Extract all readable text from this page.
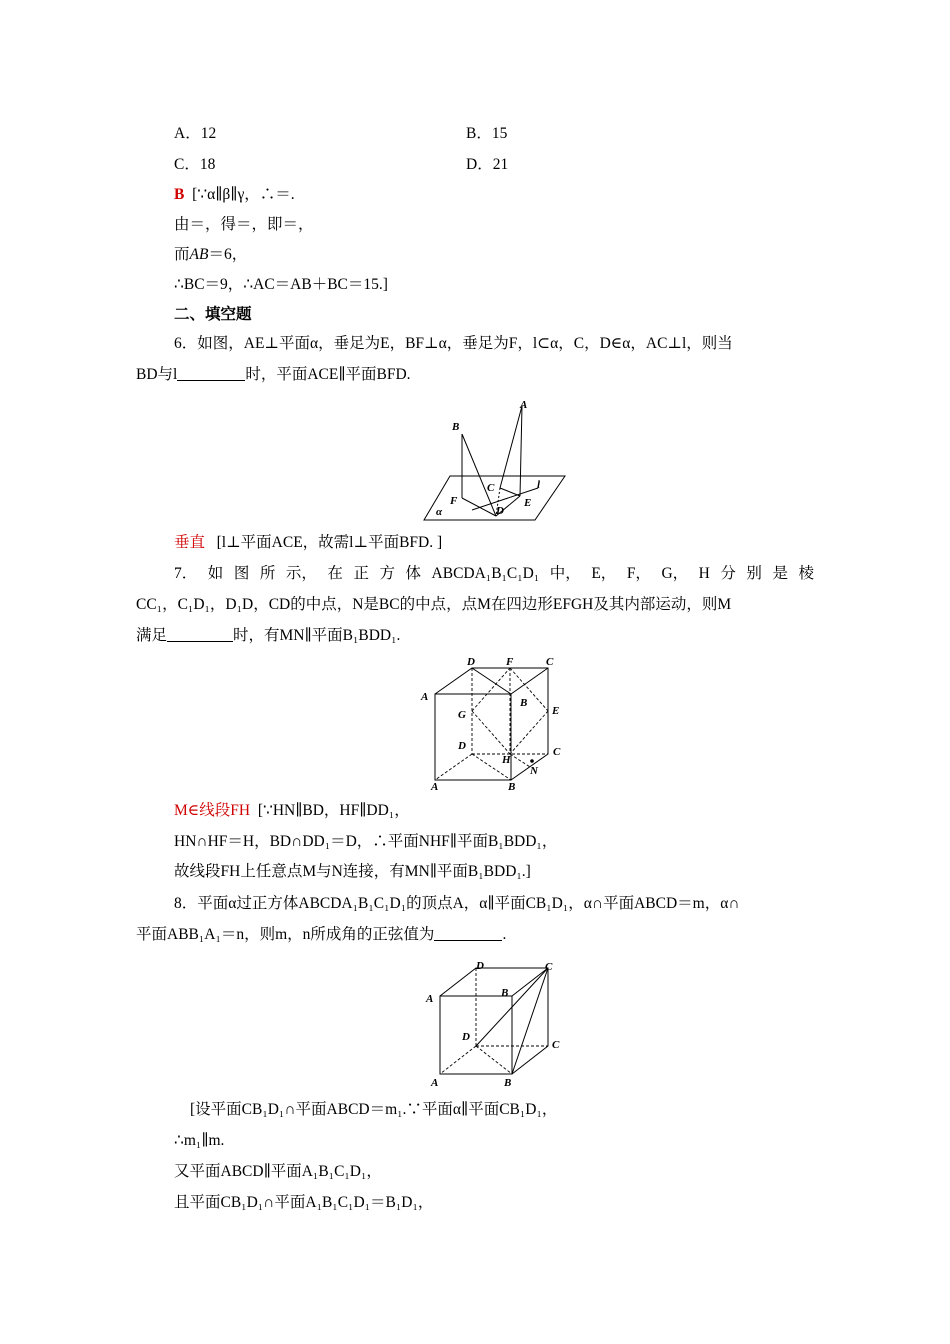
A．12	B．15
C．18	D．21
B [∵α∥β∥γ，∴＝.
由＝，得＝，即＝，
而AB＝6，
∴BC＝9，∴AC＝AB＋BC＝15.]
二、填空题
6．如图，AE⊥平面α，垂足为E，BF⊥α，垂足为F，l⊂α，C，D∈α，AC⊥l，则当
BD与l	时，平面ACE∥平面BFD.
A
B
C
D
E
F
l
α
垂直 [l⊥平面ACE，故需l⊥平面BFD. ]
7． 如 图 所 示， 在 正 方 体 ABCDA₁B₁C₁D₁ 中， E， F， G， H 分 别 是 棱
CC₁，C₁D₁，D₁D，CD的中点，N是BC的中点，点M在四边形EFGH及其内部运动，则M
满足	时，有MN∥平面B₁BDD₁.
D	F	C
A	B
E
G
D
H
C
N
A	B
M∈线段FH [∵HN∥BD，HF∥DD₁，
HN∩HF＝H，BD∩DD₁＝D，∴平面NHF∥平面B₁BDD₁，
故线段FH上任意点M与N连接，有MN∥平面B₁BDD₁.]
8．平面α过正方体ABCDA₁B₁C₁D₁的顶点A，α∥平面CB₁D₁，α∩平面ABCD＝m，α∩
平面ABB₁A₁＝n，则m，n所成角的正弦值为	.
D	C
A	B
D
C
A	B
[设平面CB₁D₁∩平面ABCD＝m₁.∵平面α∥平面CB₁D₁，
∴m₁∥m.
又平面ABCD∥平面A₁B₁C₁D₁，
且平面CB₁D₁∩平面A₁B₁C₁D₁＝B₁D₁，
